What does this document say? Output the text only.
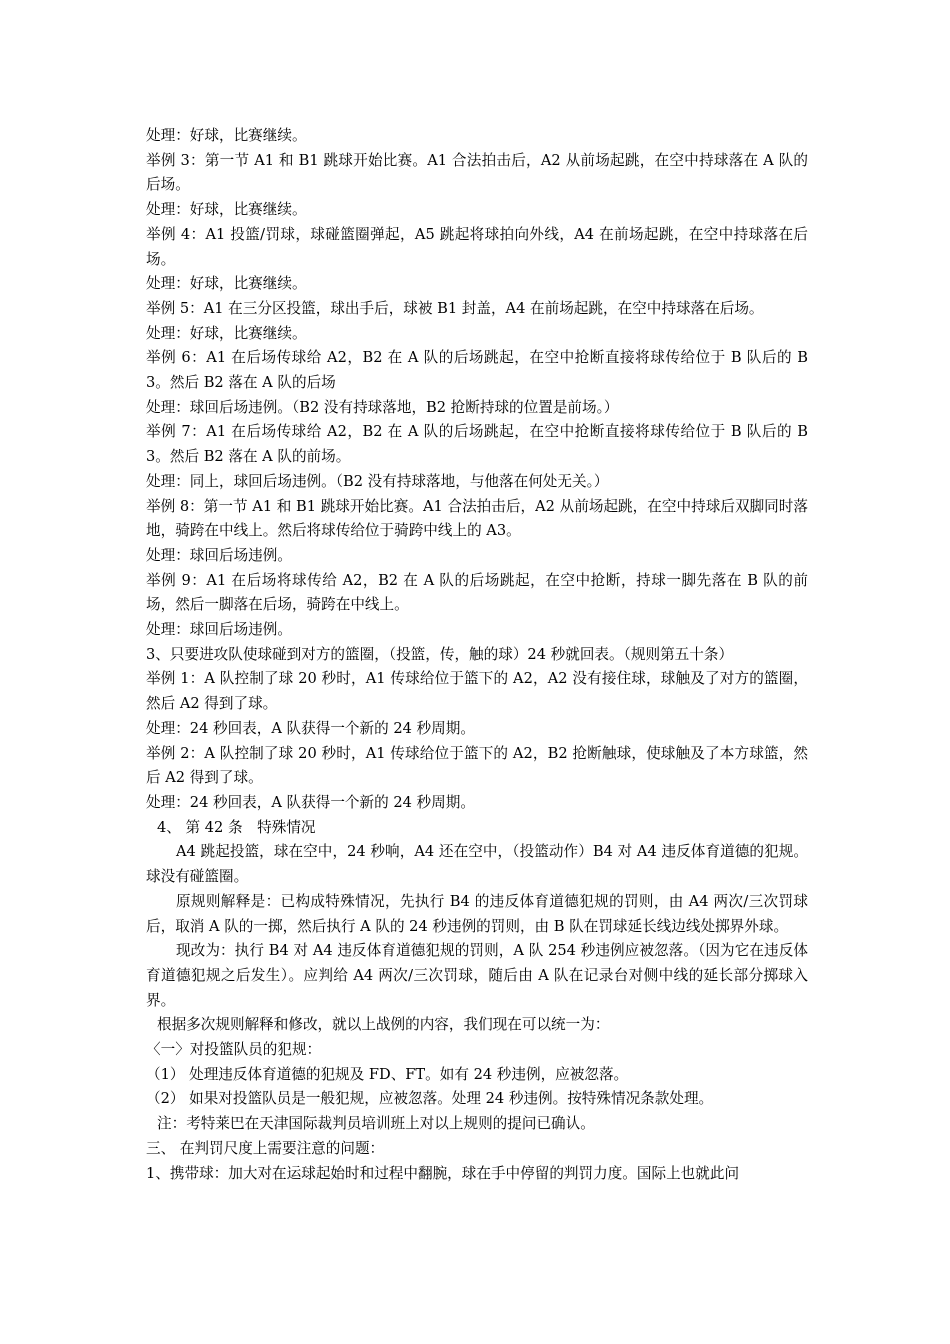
处理：好球，比赛继续。

举例 3：第一节 A1 和 B1 跳球开始比赛。A1 合法拍击后，A2 从前场起跳，在空中持球落在 A 队的后场。

处理：好球，比赛继续。

举例 4：A1 投篮/罚球，球碰篮圈弹起，A5 跳起将球拍向外线，A4 在前场起跳，在空中持球落在后场。

处理：好球，比赛继续。

举例 5：A1 在三分区投篮，球出手后，球被 B1 封盖，A4 在前场起跳，在空中持球落在后场。

处理：好球，比赛继续。

举例 6：A1 在后场传球给 A2，B2 在 A 队的后场跳起，在空中抢断直接将球传给位于 B 队后的 B3。然后 B2 落在 A 队的后场

处理：球回后场违例。（B2 没有持球落地，B2 抢断持球的位置是前场。）

举例 7：A1 在后场传球给 A2，B2 在 A 队的后场跳起，在空中抢断直接将球传给位于 B 队后的 B3。然后 B2 落在 A 队的前场。

处理：同上，球回后场违例。（B2 没有持球落地，与他落在何处无关。）

举例 8：第一节 A1 和 B1 跳球开始比赛。A1 合法拍击后，A2 从前场起跳，在空中持球后双脚同时落地，骑跨在中线上。然后将球传给位于骑跨中线上的 A3。

处理：球回后场违例。

举例 9：A1 在后场将球传给 A2，B2 在 A 队的后场跳起，在空中抢断，持球一脚先落在 B 队的前场，然后一脚落在后场，骑跨在中线上。

处理：球回后场违例。

3、只要进攻队使球碰到对方的篮圈，（投篮，传，触的球）24 秒就回表。（规则第五十条）

举例 1：A 队控制了球 20 秒时，A1 传球给位于篮下的 A2，A2 没有接住球，球触及了对方的篮圈，然后 A2 得到了球。

处理：24 秒回表，A 队获得一个新的 24 秒周期。

举例 2：A 队控制了球 20 秒时，A1 传球给位于篮下的 A2，B2 抢断触球，使球触及了本方球篮，然后 A2 得到了球。

处理：24 秒回表，A 队获得一个新的 24 秒周期。

4、 第 42 条　特殊情况

A4 跳起投篮，球在空中，24 秒响，A4 还在空中，（投篮动作）B4 对 A4 违反体育道德的犯规。球没有碰篮圈。

原规则解释是：已构成特殊情况，先执行 B4 的违反体育道德犯规的罚则，由 A4 两次/三次罚球后，取消 A 队的一掷，然后执行 A 队的 24 秒违例的罚则，由 B 队在罚球延长线边线处掷界外球。

现改为：执行 B4 对 A4 违反体育道德犯规的罚则，A 队 254 秒违例应被忽落。（因为它在违反体育道德犯规之后发生）。应判给 A4 两次/三次罚球，随后由 A 队在记录台对侧中线的延长部分掷球入界。

根据多次规则解释和修改，就以上战例的内容，我们现在可以统一为：

〈一〉对投篮队员的犯规：

（1） 处理违反体育道德的犯规及 FD、FT。如有 24 秒违例，应被忽落。

（2） 如果对投篮队员是一般犯规，应被忽落。处理 24 秒违例。按特殊情况条款处理。

注：考特莱巴在天津国际裁判员培训班上对以上规则的提问已确认。

三、 在判罚尺度上需要注意的问题：

1、携带球：加大对在运球起始时和过程中翻腕，球在手中停留的判罚力度。国际上也就此问
